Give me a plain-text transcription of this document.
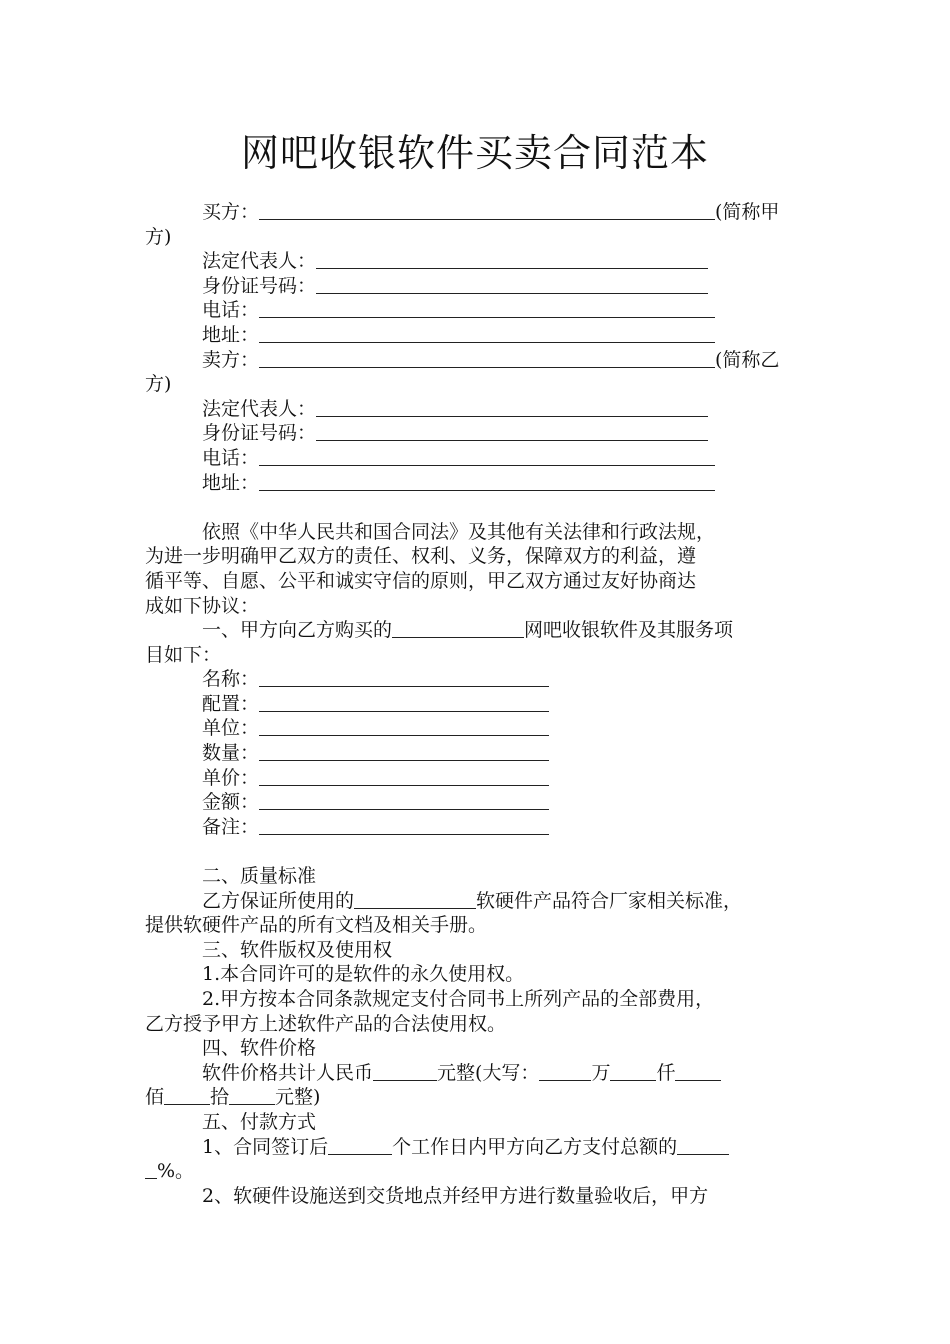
网吧收银软件买卖合同范本
买方：	(简称甲
方)
法定代表人：
身份证号码：
电话：
地址：
卖方：	(简称乙
方)
法定代表人：
身份证号码：
电话：
地址：
依照《中华人民共和国合同法》及其他有关法律和行政法规，
为进一步明确甲乙双方的责任、权利、义务，保障双方的利益，遵
循平等、自愿、公平和诚实守信的原则，甲乙双方通过友好协商达
成如下协议：
一、甲方向乙方购买的	网吧收银软件及其服务项
目如下：
名称：
配置：
单位：
数量：
单价：
金额：
备注：
二、质量标准
乙方保证所使用的	软硬件产品符合厂家相关标准，
提供软硬件产品的所有文档及相关手册。
三、软件版权及使用权
1.本合同许可的是软件的永久使用权。
2.甲方按本合同条款规定支付合同书上所列产品的全部费用，
乙方授予甲方上述软件产品的合法使用权。
四、软件价格
软件价格共计人民币	元整(大写：	万 仟
佰 拾 元整)
五、付款方式
1、合同签订后	个工作日内甲方向乙方支付总额的
%。
2、软硬件设施送到交货地点并经甲方进行数量验收后，甲方
